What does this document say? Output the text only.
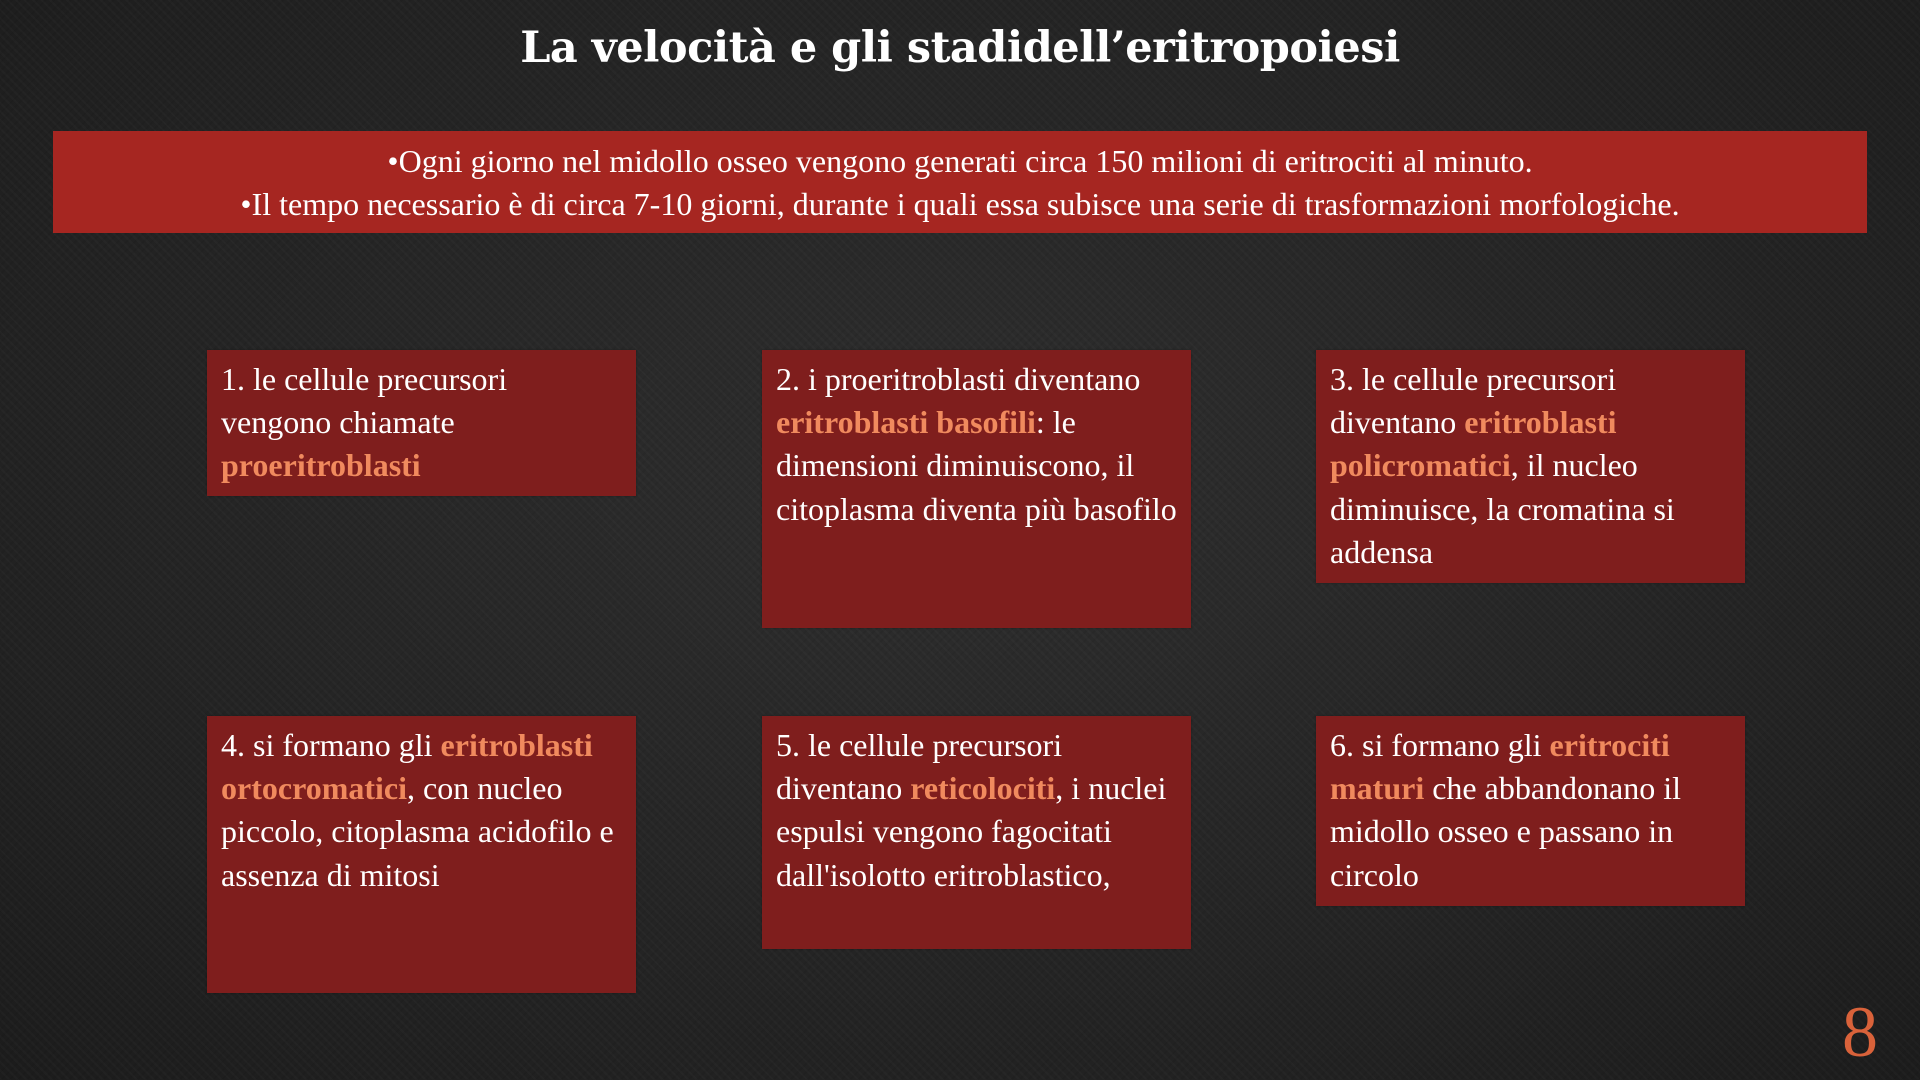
La velocità e gli stadidell’eritropoiesi
•Ogni giorno nel midollo osseo vengono generati circa 150 milioni di eritrociti al minuto.
•Il tempo necessario è di circa 7-10 giorni, durante i quali essa subisce una serie di trasformazioni morfologiche.
1. le cellule precursori vengono chiamate proeritroblasti
2. i proeritroblasti diventano eritroblasti basofili: le dimensioni diminuiscono, il citoplasma diventa più basofilo
3. le cellule precursori diventano eritroblasti policromatici, il nucleo diminuisce, la cromatina si addensa
4. si formano gli eritroblasti ortocromatici, con nucleo piccolo, citoplasma acidofilo e assenza di mitosi
5. le cellule precursori diventano reticolociti, i nuclei espulsi vengono fagocitati dall'isolotto eritroblastico,
6. si formano gli eritrociti maturi che abbandonano il midollo osseo e passano in circolo
8
